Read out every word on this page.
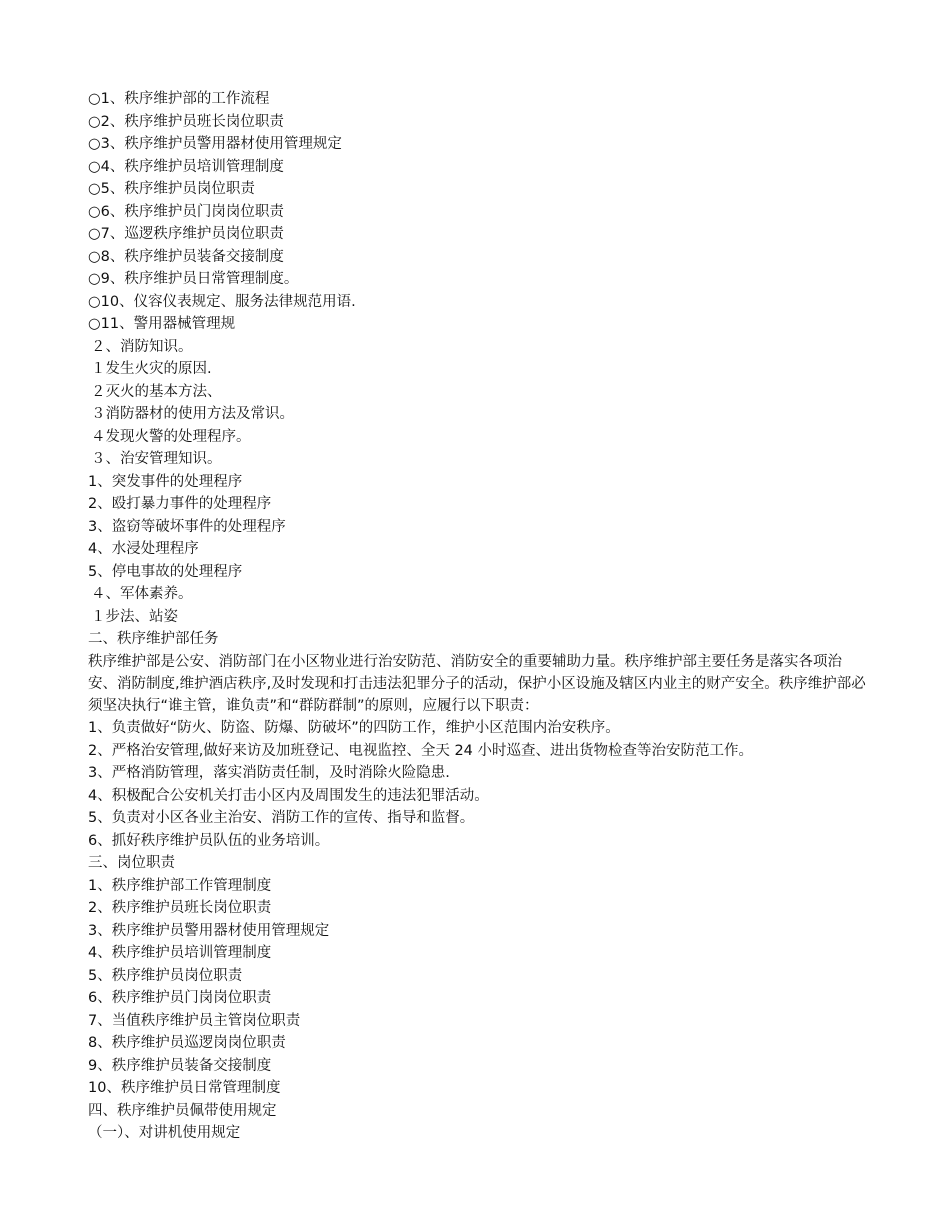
○1、秩序维护部的工作流程
○2、秩序维护员班长岗位职责
○3、秩序维护员警用器材使用管理规定
○4、秩序维护员培训管理制度
○5、秩序维护员岗位职责
○6、秩序维护员门岗岗位职责
○7、巡逻秩序维护员岗位职责
○8、秩序维护员装备交接制度
○9、秩序维护员日常管理制度。
○10、仪容仪表规定、服务法律规范用语.
○11、警用器械管理规
２、消防知识。
１发生火灾的原因.
２灭火的基本方法、
３消防器材的使用方法及常识。
４发现火警的处理程序。
３、治安管理知识。
1、突发事件的处理程序
2、殴打暴力事件的处理程序
3、盗窃等破坏事件的处理程序
4、水浸处理程序
5、停电事故的处理程序
４、军体素养。
１步法、站姿
二、秩序维护部任务
秩序维护部是公安、消防部门在小区物业进行治安防范、消防安全的重要辅助力量。秩序维护部主要任务是落实各项治安、消防制度,维护酒店秩序,及时发现和打击违法犯罪分子的活动，保护小区设施及辖区内业主的财产安全。秩序维护部必须坚决执行“谁主管，谁负责”和“群防群制”的原则，应履行以下职责：
1、负责做好“防火、防盗、防爆、防破坏”的四防工作，维护小区范围内治安秩序。
2、严格治安管理,做好来访及加班登记、电视监控、全天 24 小时巡查、进出货物检查等治安防范工作。
3、严格消防管理，落实消防责任制，及时消除火险隐患.
4、积极配合公安机关打击小区内及周围发生的违法犯罪活动。
5、负责对小区各业主治安、消防工作的宣传、指导和监督。
6、抓好秩序维护员队伍的业务培训。
三、岗位职责
1、秩序维护部工作管理制度
2、秩序维护员班长岗位职责
3、秩序维护员警用器材使用管理规定
4、秩序维护员培训管理制度
5、秩序维护员岗位职责
6、秩序维护员门岗岗位职责
7、当值秩序维护员主管岗位职责
8、秩序维护员巡逻岗岗位职责
9、秩序维护员装备交接制度
10、秩序维护员日常管理制度
四、秩序维护员佩带使用规定
（一）、对讲机使用规定
